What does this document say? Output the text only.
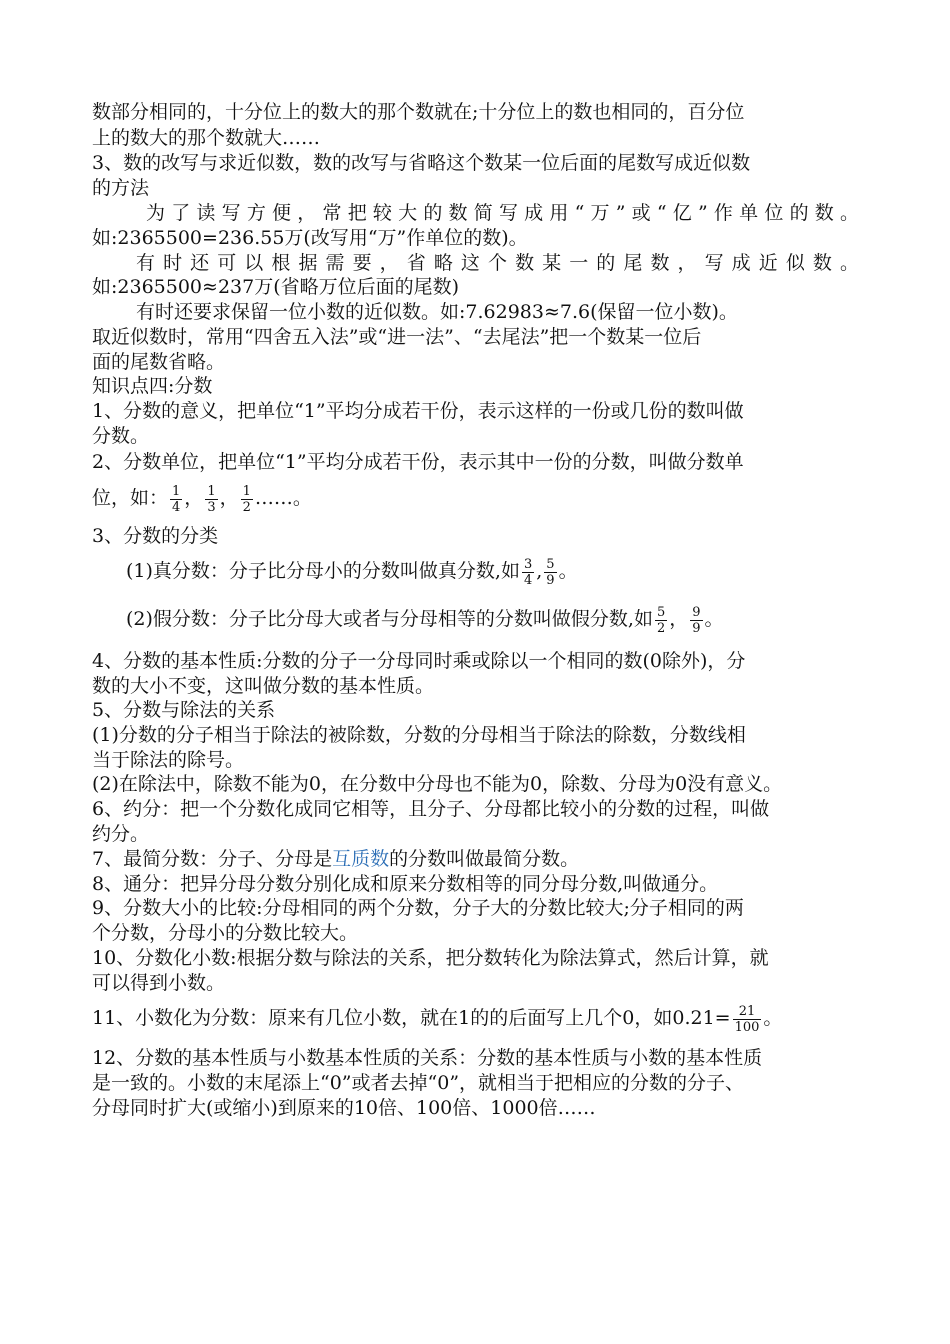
数部分相同的，十分位上的数大的那个数就在;十分位上的数也相同的，百分位
上的数大的那个数就大……
3、数的改写与求近似数，数的改写与省略这个数某一位后面的尾数写成近似数
的方法
为了读写方便，常把较大的数简写成用“万”或“亿”作单位的数。
如:2365500=236.55万(改写用“万”作单位的数)。
有时还可以根据需要，省略这个数某一的尾数，写成近似数。
如:2365500≈237万(省略万位后面的尾数)
有时还要求保留一位小数的近似数。如:7.62983≈7.6(保留一位小数)。
取近似数时，常用“四舍五入法”或“进一法”、“去尾法”把一个数某一位后
面的尾数省略。
知识点四:分数
1、分数的意义，把单位“1”平均分成若干份，表示这样的一份或几份的数叫做
分数。
2、分数单位，把单位“1”平均分成若干份，表示其中一份的分数，叫做分数单
位，如： $\frac{1}{4}$ ， $\frac{1}{3}$ ， $\frac{1}{2}$ ……。
3、分数的分类
(1)真分数：分子比分母小的分数叫做真分数,如 $\frac{3}{4}$ , $\frac{5}{9}$ 。
(2)假分数：分子比分母大或者与分母相等的分数叫做假分数,如 $\frac{5}{2}$ ， $\frac{9}{9}$ 。
4、分数的基本性质:分数的分子一分母同时乘或除以一个相同的数(0除外)，分
数的大小不变，这叫做分数的基本性质。
5、分数与除法的关系
(1)分数的分子相当于除法的被除数，分数的分母相当于除法的除数，分数线相
当于除法的除号。
(2)在除法中，除数不能为0，在分数中分母也不能为0，除数、分母为0没有意义。
6、约分：把一个分数化成同它相等，且分子、分母都比较小的分数的过程，叫做
约分。
7、最简分数：分子、分母是互质数的分数叫做最简分数。
8、通分：把异分母分数分别化成和原来分数相等的同分母分数,叫做通分。
9、分数大小的比较:分母相同的两个分数，分子大的分数比较大;分子相同的两
个分数，分母小的分数比较大。
10、分数化小数:根据分数与除法的关系，把分数转化为除法算式，然后计算，就
可以得到小数。
11、小数化为分数：原来有几位小数，就在1的的后面写上几个0，如$0.21= \frac{21}{100}$ 。
12、分数的基本性质与小数基本性质的关系：分数的基本性质与小数的基本性质
是一致的。小数的末尾添上“0”或者去掉“0”，就相当于把相应的分数的分子、
分母同时扩大(或缩小)到原来的10倍、100倍、1000倍……
